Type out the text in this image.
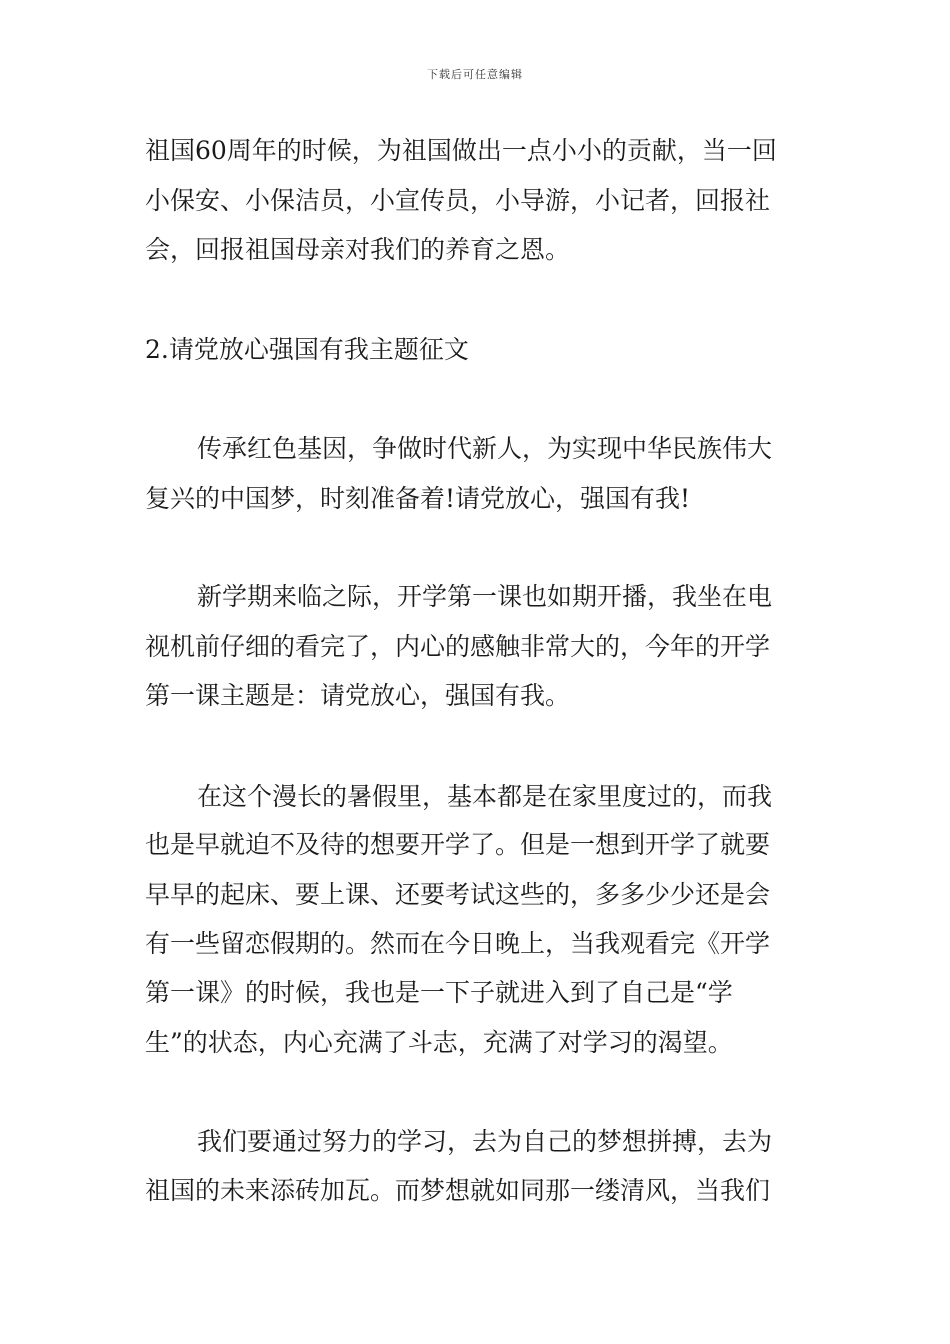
下载后可任意编辑
祖国60周年的时候，为祖国做出一点小小的贡献，当一回
小保安、小保洁员，小宣传员，小导游，小记者，回报社
会，回报祖国母亲对我们的养育之恩。
2.请党放心强国有我主题征文
传承红色基因，争做时代新人，为实现中华民族伟大
复兴的中国梦，时刻准备着!请党放心，强国有我!
新学期来临之际，开学第一课也如期开播，我坐在电
视机前仔细的看完了，内心的感触非常大的，今年的开学
第一课主题是：请党放心，强国有我。
在这个漫长的暑假里，基本都是在家里度过的，而我
也是早就迫不及待的想要开学了。但是一想到开学了就要
早早的起床、要上课、还要考试这些的，多多少少还是会
有一些留恋假期的。然而在今日晚上，当我观看完《开学
第一课》的时候，我也是一下子就进入到了自己是“学
生”的状态，内心充满了斗志，充满了对学习的渴望。
我们要通过努力的学习，去为自己的梦想拼搏，去为
祖国的未来添砖加瓦。而梦想就如同那一缕清风，当我们
